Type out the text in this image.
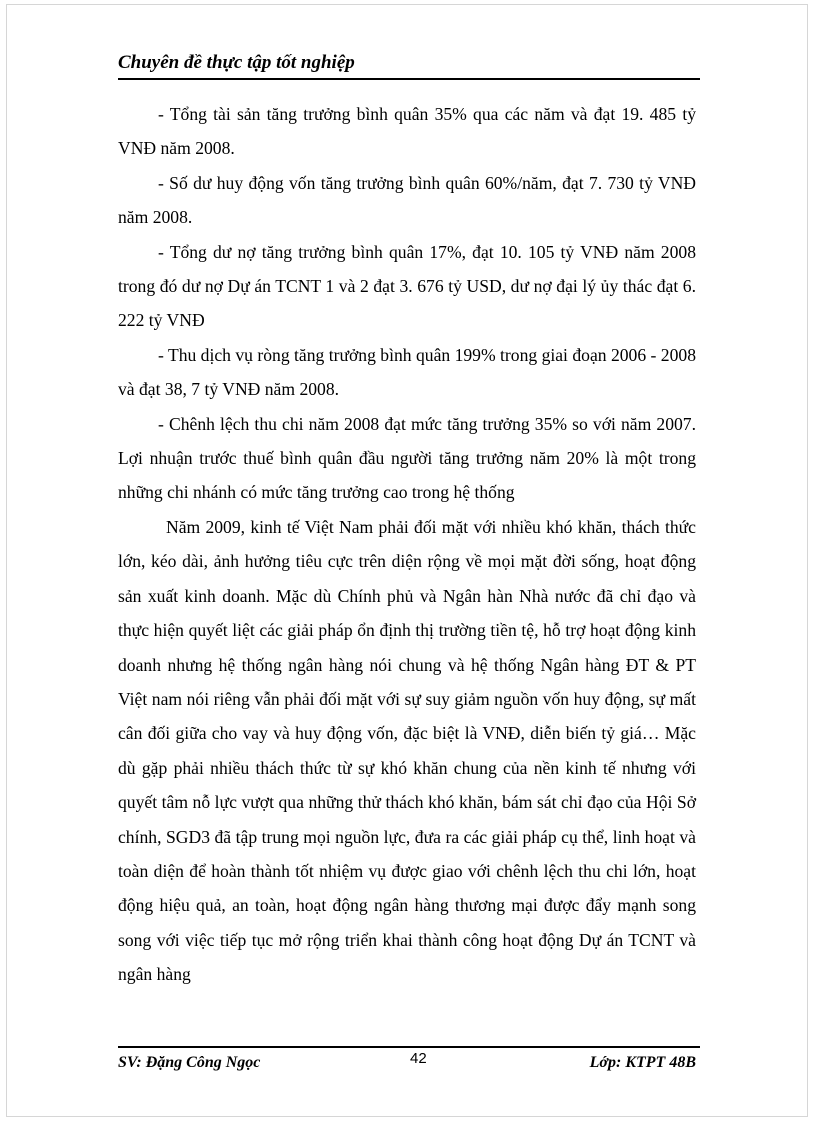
Chuyên đề thực tập tốt nghiệp

- Tổng tài sản tăng trưởng bình quân 35% qua các năm và đạt 19. 485 tỷ VNĐ năm 2008.

- Số dư huy động vốn tăng trưởng bình quân 60%/năm, đạt 7. 730 tỷ VNĐ năm 2008.

- Tổng dư nợ tăng trưởng bình quân 17%, đạt 10. 105 tỷ VNĐ năm 2008 trong đó dư nợ Dự án TCNT 1 và 2 đạt 3. 676 tỷ USD, dư nợ đại lý ủy thác đạt 6. 222 tỷ VNĐ

- Thu dịch vụ ròng tăng trưởng bình quân 199% trong giai đoạn 2006 - 2008 và đạt 38, 7 tỷ VNĐ năm 2008.

- Chênh lệch thu chi năm 2008 đạt mức tăng trưởng 35% so với năm 2007. Lợi nhuận trước thuế bình quân đầu người tăng trưởng năm 20% là một trong những chi nhánh có mức tăng trưởng cao trong hệ thống

Năm 2009, kinh tế Việt Nam phải đối mặt với nhiều khó khăn, thách thức lớn, kéo dài, ảnh hưởng tiêu cực trên diện rộng về mọi mặt đời sống, hoạt động sản xuất kinh doanh. Mặc dù Chính phủ và Ngân hàn Nhà nước đã chỉ đạo và thực hiện quyết liệt các giải pháp ổn định thị trường tiền tệ, hỗ trợ hoạt động kinh doanh nhưng hệ thống ngân hàng nói chung và hệ thống Ngân hàng ĐT & PT Việt nam nói riêng vẫn phải đối mặt với sự suy giảm nguồn vốn huy động, sự mất cân đối giữa cho vay và huy động vốn, đặc biệt là VNĐ, diễn biến tỷ giá… Mặc dù gặp phải nhiều thách thức từ sự khó khăn chung của nền kinh tế nhưng với quyết tâm nỗ lực vượt qua những thử thách khó khăn, bám sát chỉ đạo của Hội Sở chính, SGD3 đã tập trung mọi nguồn lực, đưa ra các giải pháp cụ thể, linh hoạt và toàn diện để hoàn thành tốt nhiệm vụ được giao với chênh lệch thu chi lớn, hoạt động hiệu quả, an toàn, hoạt động ngân hàng thương mại được đẩy mạnh song song với việc tiếp tục mở rộng triển khai thành công hoạt động Dự án TCNT và ngân hàng

SV: Đặng Công Ngọc	42	Lớp: KTPT 48B
